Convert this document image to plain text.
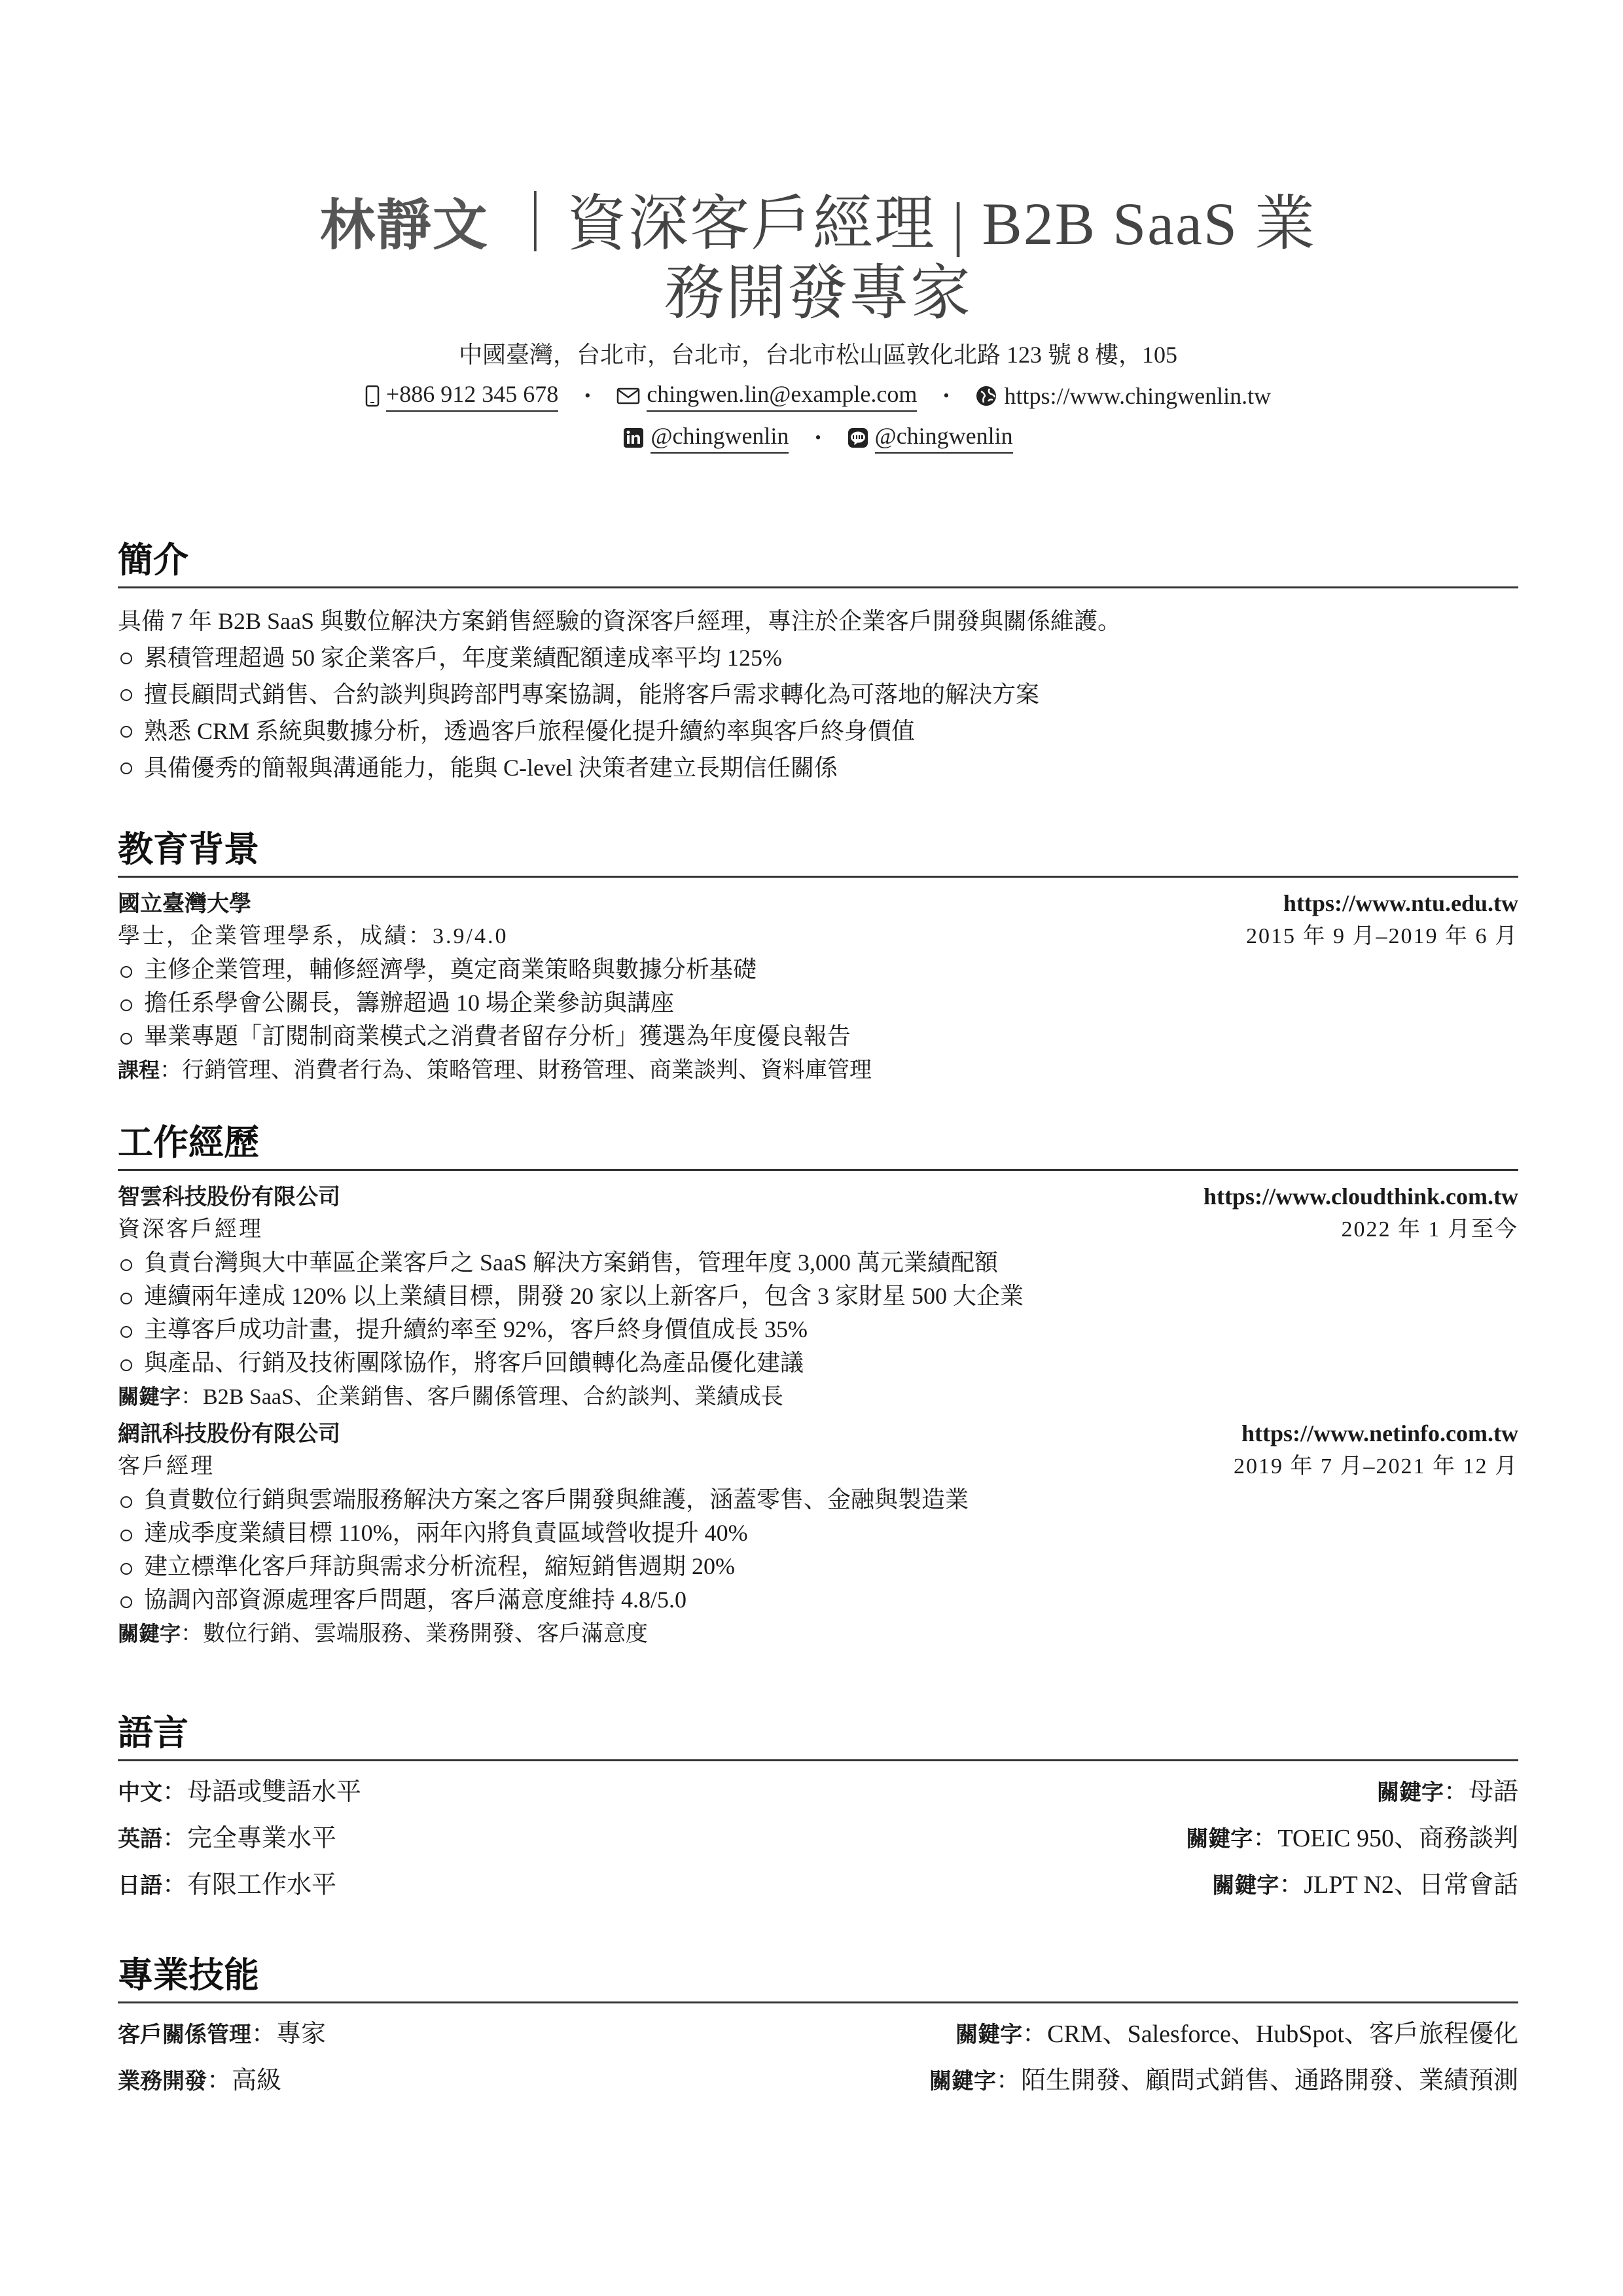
林靜文 ｜資深客戶經理 | B2B SaaS 業
務開發專家
中國臺灣，台北市，台北市，台北市松山區敦化北路 123 號 8 樓，105
+886 912 345 678 • chingwen.lin@example.com • https://www.chingwenlin.tw
@chingwenlin • @chingwenlin
簡介
具備 7 年 B2B SaaS 與數位解決方案銷售經驗的資深客戶經理，專注於企業客戶開發與關係維護。
累積管理超過 50 家企業客戶，年度業績配額達成率平均 125%
擅長顧問式銷售、合約談判與跨部門專案協調，能將客戶需求轉化為可落地的解決方案
熟悉 CRM 系統與數據分析，透過客戶旅程優化提升續約率與客戶終身價值
具備優秀的簡報與溝通能力，能與 C-level 決策者建立長期信任關係
教育背景
國立臺灣大學	https://www.ntu.edu.tw
學士，企業管理學系，成績：3.9/4.0	2015 年 9 月–2019 年 6 月
主修企業管理，輔修經濟學，奠定商業策略與數據分析基礎
擔任系學會公關長，籌辦超過 10 場企業參訪與講座
畢業專題「訂閱制商業模式之消費者留存分析」獲選為年度優良報告
課程：行銷管理、消費者行為、策略管理、財務管理、商業談判、資料庫管理
工作經歷
智雲科技股份有限公司	https://www.cloudthink.com.tw
資深客戶經理	2022 年 1 月至今
負責台灣與大中華區企業客戶之 SaaS 解決方案銷售，管理年度 3,000 萬元業績配額
連續兩年達成 120% 以上業績目標，開發 20 家以上新客戶，包含 3 家財星 500 大企業
主導客戶成功計畫，提升續約率至 92%，客戶終身價值成長 35%
與產品、行銷及技術團隊協作，將客戶回饋轉化為產品優化建議
關鍵字：B2B SaaS、企業銷售、客戶關係管理、合約談判、業績成長
網訊科技股份有限公司	https://www.netinfo.com.tw
客戶經理	2019 年 7 月–2021 年 12 月
負責數位行銷與雲端服務解決方案之客戶開發與維護，涵蓋零售、金融與製造業
達成季度業績目標 110%，兩年內將負責區域營收提升 40%
建立標準化客戶拜訪與需求分析流程，縮短銷售週期 20%
協調內部資源處理客戶問題，客戶滿意度維持 4.8/5.0
關鍵字：數位行銷、雲端服務、業務開發、客戶滿意度
語言
中文：母語或雙語水平	關鍵字：母語
英語：完全專業水平	關鍵字：TOEIC 950、商務談判
日語：有限工作水平	關鍵字：JLPT N2、日常會話
專業技能
客戶關係管理：專家	關鍵字：CRM、Salesforce、HubSpot、客戶旅程優化
業務開發：高級	關鍵字：陌生開發、顧問式銷售、通路開發、業績預測
